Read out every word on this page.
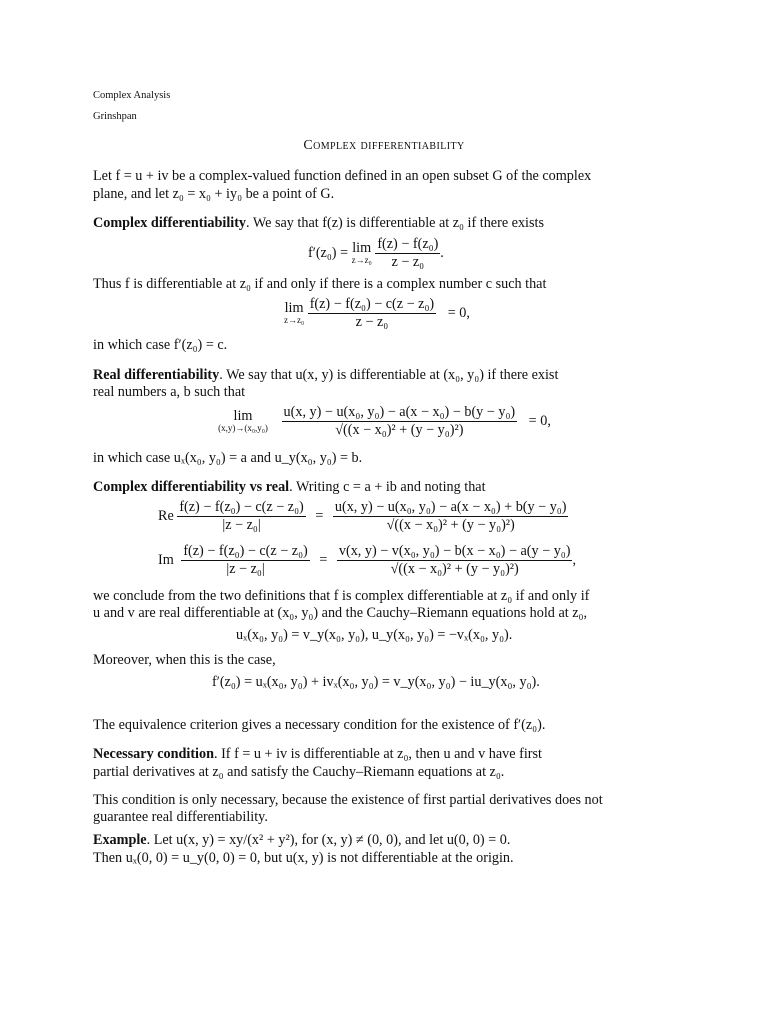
Complex Analysis
Grinshpan
Complex differentiability
Let f = u + iv be a complex-valued function defined in an open subset G of the complex
plane, and let z₀ = x₀ + iy₀ be a point of G.
Complex differentiability. We say that f(z) is differentiable at z₀ if there exists
f′(z₀) = lim
z→z₀
$\frac{\text{f(z) − f(z₀)}}{\text{z − z₀}}$ .
Thus f is differentiable at z₀ if and only if there is a complex number c such that
lim
z→z₀
$\frac{\text{f(z) − f(z₀) − c(z − z₀)}}{\text{z − z₀}} = 0$,
in which case f′(z₀) = c.
Real differentiability. We say that u(x, y) is differentiable at (x₀, y₀) if there exist
real numbers a, b such that
lim
(x,y)→(x₀,y₀)
$\frac{\text{u(x, y) − u(x₀, y₀) − a(x − x₀) − b(y − y₀)}}{\text{√((x − x₀)² + (y − y₀)²)}} = 0$,
in which case uₓ(x₀, y₀) = a and u_y(x₀, y₀) = b.
Complex differentiability vs real. Writing c = a + ib and noting that
Re $\frac{\text{f(z) − f(z₀) − c(z − z₀)}}{\text{|z − z₀|}} = \frac{\text{u(x, y) − u(x₀, y₀) − a(x − x₀) + b(y − y₀)}}{\text{√((x − x₀)² + (y − y₀)²)}}$
Im $\frac{\text{f(z) − f(z₀) − c(z − z₀)}}{\text{|z − z₀|}} = \frac{\text{v(x, y) − v(x₀, y₀) − b(x − x₀) − a(y − y₀)}}{\text{√((x − x₀)² + (y − y₀)²)}}$ ,
we conclude from the two definitions that f is complex differentiable at z₀ if and only if
u and v are real differentiable at (x₀, y₀) and the Cauchy–Riemann equations hold at z₀,
uₓ(x₀, y₀) = v_y(x₀, y₀), u_y(x₀, y₀) = −vₓ(x₀, y₀).
Moreover, when this is the case,
f′(z₀) = uₓ(x₀, y₀) + ivₓ(x₀, y₀) = v_y(x₀, y₀) − iu_y(x₀, y₀).
The equivalence criterion gives a necessary condition for the existence of f′(z₀).
Necessary condition. If f = u + iv is differentiable at z₀, then u and v have first
partial derivatives at z₀ and satisfy the Cauchy–Riemann equations at z₀.
This condition is only necessary, because the existence of first partial derivatives does not
guarantee real differentiability.
Example. Let u(x, y) = xy/(x² + y²), for (x, y) ≠ (0, 0), and let u(0, 0) = 0.
Then uₓ(0, 0) = u_y(0, 0) = 0, but u(x, y) is not differentiable at the origin.
